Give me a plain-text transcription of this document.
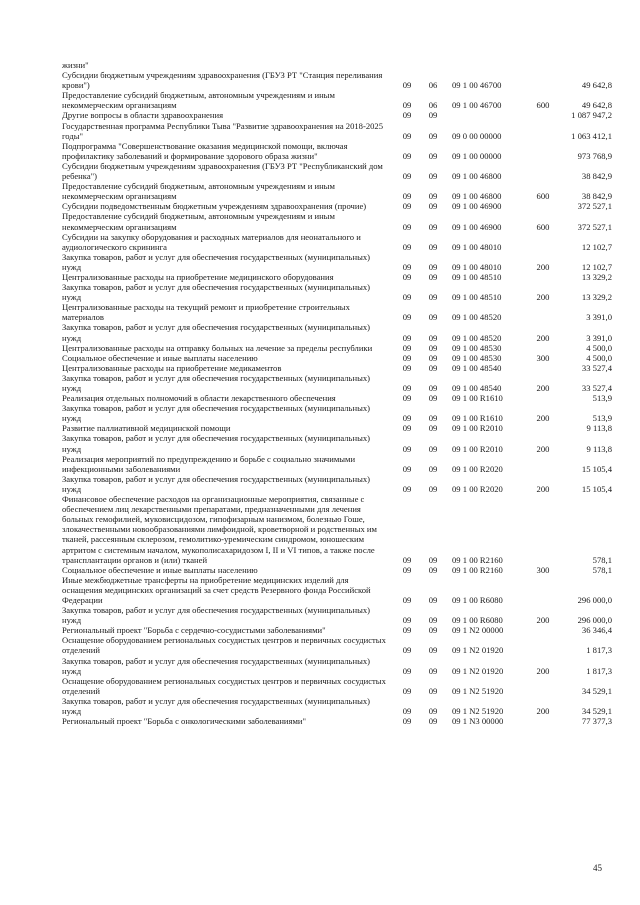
жизни"					
Субсидии бюджетным учреждениям здравоохранения (ГБУЗ РТ "Станция переливания крови")	09	06	09 1 00 46700		49 642,8
Предоставление субсидий бюджетным, автономным учреждениям и иным некоммерческим организациям	09	06	09 1 00 46700	600	49 642,8
Другие вопросы в области здравоохранения	09	09			1 087 947,2
Государственная программа Республики Тыва "Развитие здравоохранения на 2018-2025 годы"	09	09	09 0 00 00000		1 063 412,1
Подпрограмма "Совершенствование оказания медицинской помощи, включая профилактику заболеваний и формирование здорового образа жизни"	09	09	09 1 00 00000		973 768,9
Субсидии бюджетным учреждениям здравоохранения (ГБУЗ РТ "Республиканский дом ребенка")	09	09	09 1 00 46800		38 842,9
Предоставление субсидий бюджетным, автономным учреждениям и иным некоммерческим организациям	09	09	09 1 00 46800	600	38 842,9
Субсидии подведомственным бюджетным учреждениям здравоохранения (прочие)	09	09	09 1 00 46900		372 527,1
Предоставление субсидий бюджетным, автономным учреждениям и иным некоммерческим организациям	09	09	09 1 00 46900	600	372 527,1
Субсидии на закупку оборудования и расходных материалов для неонатального и аудиологического скрининга	09	09	09 1 00 48010		12 102,7
Закупка товаров, работ и услуг для обеспечения государственных (муниципальных) нужд	09	09	09 1 00 48010	200	12 102,7
Централизованные расходы на приобретение медицинского оборудования	09	09	09 1 00 48510		13 329,2
Закупка товаров, работ и услуг для обеспечения государственных (муниципальных) нужд	09	09	09 1 00 48510	200	13 329,2
Централизованные расходы на текущий ремонт и приобретение строительных материалов	09	09	09 1 00 48520		3 391,0
Закупка товаров, работ и услуг для обеспечения государственных (муниципальных) нужд	09	09	09 1 00 48520	200	3 391,0
Централизованные расходы на отправку больных на лечение за пределы республики	09	09	09 1 00 48530		4 500,0
Социальное обеспечение и иные выплаты населению	09	09	09 1 00 48530	300	4 500,0
Централизованные расходы на приобретение медикаментов	09	09	09 1 00 48540		33 527,4
Закупка товаров, работ и услуг для обеспечения государственных (муниципальных) нужд	09	09	09 1 00 48540	200	33 527,4
Реализация отдельных полномочий в области лекарственного обеспечения	09	09	09 1 00 R1610		513,9
Закупка товаров, работ и услуг для обеспечения государственных (муниципальных) нужд	09	09	09 1 00 R1610	200	513,9
Развитие паллиативной медицинской помощи	09	09	09 1 00 R2010		9 113,8
Закупка товаров, работ и услуг для обеспечения государственных (муниципальных) нужд	09	09	09 1 00 R2010	200	9 113,8
Реализация мероприятий по предупреждению и борьбе с социально значимыми инфекционными заболеваниями	09	09	09 1 00 R2020		15 105,4
Закупка товаров, работ и услуг для обеспечения государственных (муниципальных) нужд	09	09	09 1 00 R2020	200	15 105,4
Финансовое обеспечение расходов на организационные мероприятия, связанные с обеспечением лиц лекарственными препаратами, предназначенными для лечения больных гемофилией, муковисцидозом, гипофизарным нанизмом, болезнью Гоше, злокачественными новообразованиями лимфоидной, кроветворной и родственных им тканей, рассеянным склерозом, гемолитико-уремическим синдромом, юношеским артритом с системным началом, мукополисахаридозом I, II и VI типов, а также после трансплантации органов и (или) тканей	09	09	09 1 00 R2160		578,1
Социальное обеспечение и иные выплаты населению	09	09	09 1 00 R2160	300	578,1
Иные межбюджетные трансферты на приобретение медицинских изделий для оснащения медицинских организаций за счет средств Резервного фонда Российской Федерации	09	09	09 1 00 R6080		296 000,0
Закупка товаров, работ и услуг для обеспечения государственных (муниципальных) нужд	09	09	09 1 00 R6080	200	296 000,0
Региональный проект "Борьба с сердечно-сосудистыми заболеваниями"	09	09	09 1 N2 00000		36 346,4
Оснащение оборудованием региональных сосудистых центров и первичных сосудистых отделений	09	09	09 1 N2 01920		1 817,3
Закупка товаров, работ и услуг для обеспечения государственных (муниципальных) нужд	09	09	09 1 N2 01920	200	1 817,3
Оснащение оборудованием региональных сосудистых центров и первичных сосудистых отделений	09	09	09 1 N2 51920		34 529,1
Закупка товаров, работ и услуг для обеспечения государственных (муниципальных) нужд	09	09	09 1 N2 51920	200	34 529,1
Региональный проект "Борьба с онкологическими заболеваниями"	09	09	09 1 N3 00000		77 377,3
45
